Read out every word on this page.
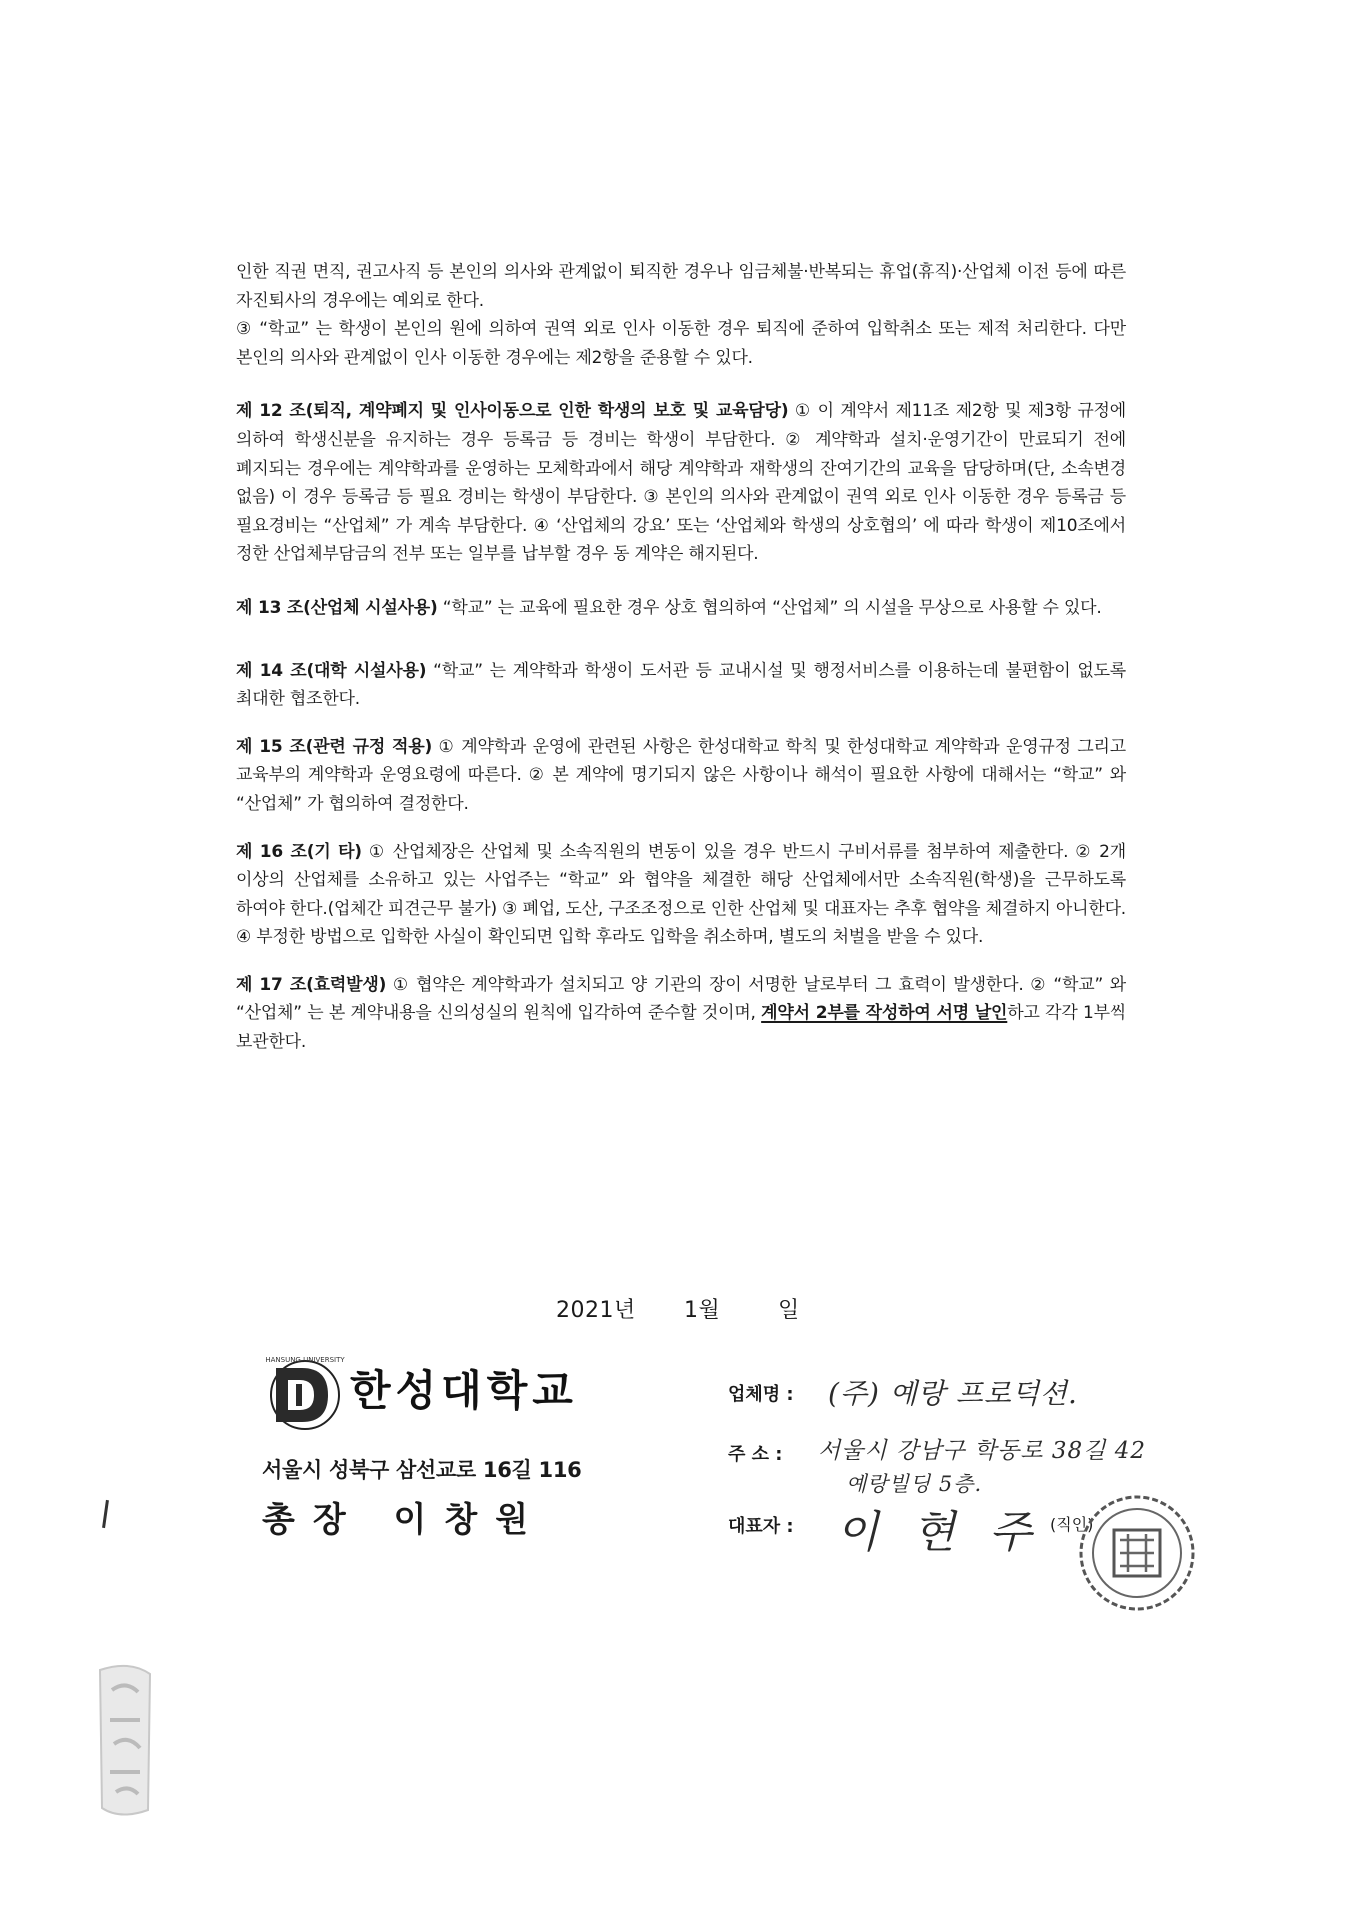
인한 직권 면직, 권고사직 등 본인의 의사와 관계없이 퇴직한 경우나 임금체불·반복되는 휴업(휴직)·산업체 이전 등에 따른 자진퇴사의 경우에는 예외로 한다.

③ “학교” 는 학생이 본인의 원에 의하여 권역 외로 인사 이동한 경우 퇴직에 준하여 입학취소 또는 제적 처리한다. 다만 본인의 의사와 관계없이 인사 이동한 경우에는 제2항을 준용할 수 있다.

제 12 조(퇴직, 계약폐지 및 인사이동으로 인한 학생의 보호 및 교육담당) ① 이 계약서 제11조 제2항 및 제3항 규정에 의하여 학생신분을 유지하는 경우 등록금 등 경비는 학생이 부담한다. ② 계약학과 설치·운영기간이 만료되기 전에 폐지되는 경우에는 계약학과를 운영하는 모체학과에서 해당 계약학과 재학생의 잔여기간의 교육을 담당하며(단, 소속변경 없음) 이 경우 등록금 등 필요 경비는 학생이 부담한다. ③ 본인의 의사와 관계없이 권역 외로 인사 이동한 경우 등록금 등 필요경비는 “산업체” 가 계속 부담한다. ④ ‘산업체의 강요’ 또는 ‘산업체와 학생의 상호협의’ 에 따라 학생이 제10조에서 정한 산업체부담금의 전부 또는 일부를 납부할 경우 동 계약은 해지된다.

제 13 조(산업체 시설사용) “학교” 는 교육에 필요한 경우 상호 협의하여 “산업체” 의 시설을 무상으로 사용할 수 있다.

제 14 조(대학 시설사용) “학교” 는 계약학과 학생이 도서관 등 교내시설 및 행정서비스를 이용하는데 불편함이 없도록 최대한 협조한다.

제 15 조(관련 규정 적용) ① 계약학과 운영에 관련된 사항은 한성대학교 학칙 및 한성대학교 계약학과 운영규정 그리고 교육부의 계약학과 운영요령에 따른다. ② 본 계약에 명기되지 않은 사항이나 해석이 필요한 사항에 대해서는 “학교” 와 “산업체” 가 협의하여 결정한다.

제 16 조(기 타) ① 산업체장은 산업체 및 소속직원의 변동이 있을 경우 반드시 구비서류를 첨부하여 제출한다. ② 2개 이상의 산업체를 소유하고 있는 사업주는 “학교” 와 협약을 체결한 해당 산업체에서만 소속직원(학생)을 근무하도록 하여야 한다.(업체간 피견근무 불가) ③ 폐업, 도산, 구조조정으로 인한 산업체 및 대표자는 추후 협약을 체결하지 아니한다. ④ 부정한 방법으로 입학한 사실이 확인되면 입학 후라도 입학을 취소하며, 별도의 처벌을 받을 수 있다.

제 17 조(효력발생) ① 협약은 계약학과가 설치되고 양 기관의 장이 서명한 날로부터 그 효력이 발생한다. ② “학교” 와 “산업체” 는 본 계약내용을 신의성실의 원칙에 입각하여 준수할 것이며, 계약서 2부를 작성하여 서명 날인하고 각각 1부씩 보관한다.

2021년 1월	일
HANSUNG UNIVERSITY
한성대학교
서울시 성북구 삼선교로 16길 116
총장 이창원
업체명 : (주) 예랑 프로덕션.
주 소 : 서울시 강남구 학동로 38길 42
예랑빌딩 5층.
대표자 : 이 현 주 (직인)
